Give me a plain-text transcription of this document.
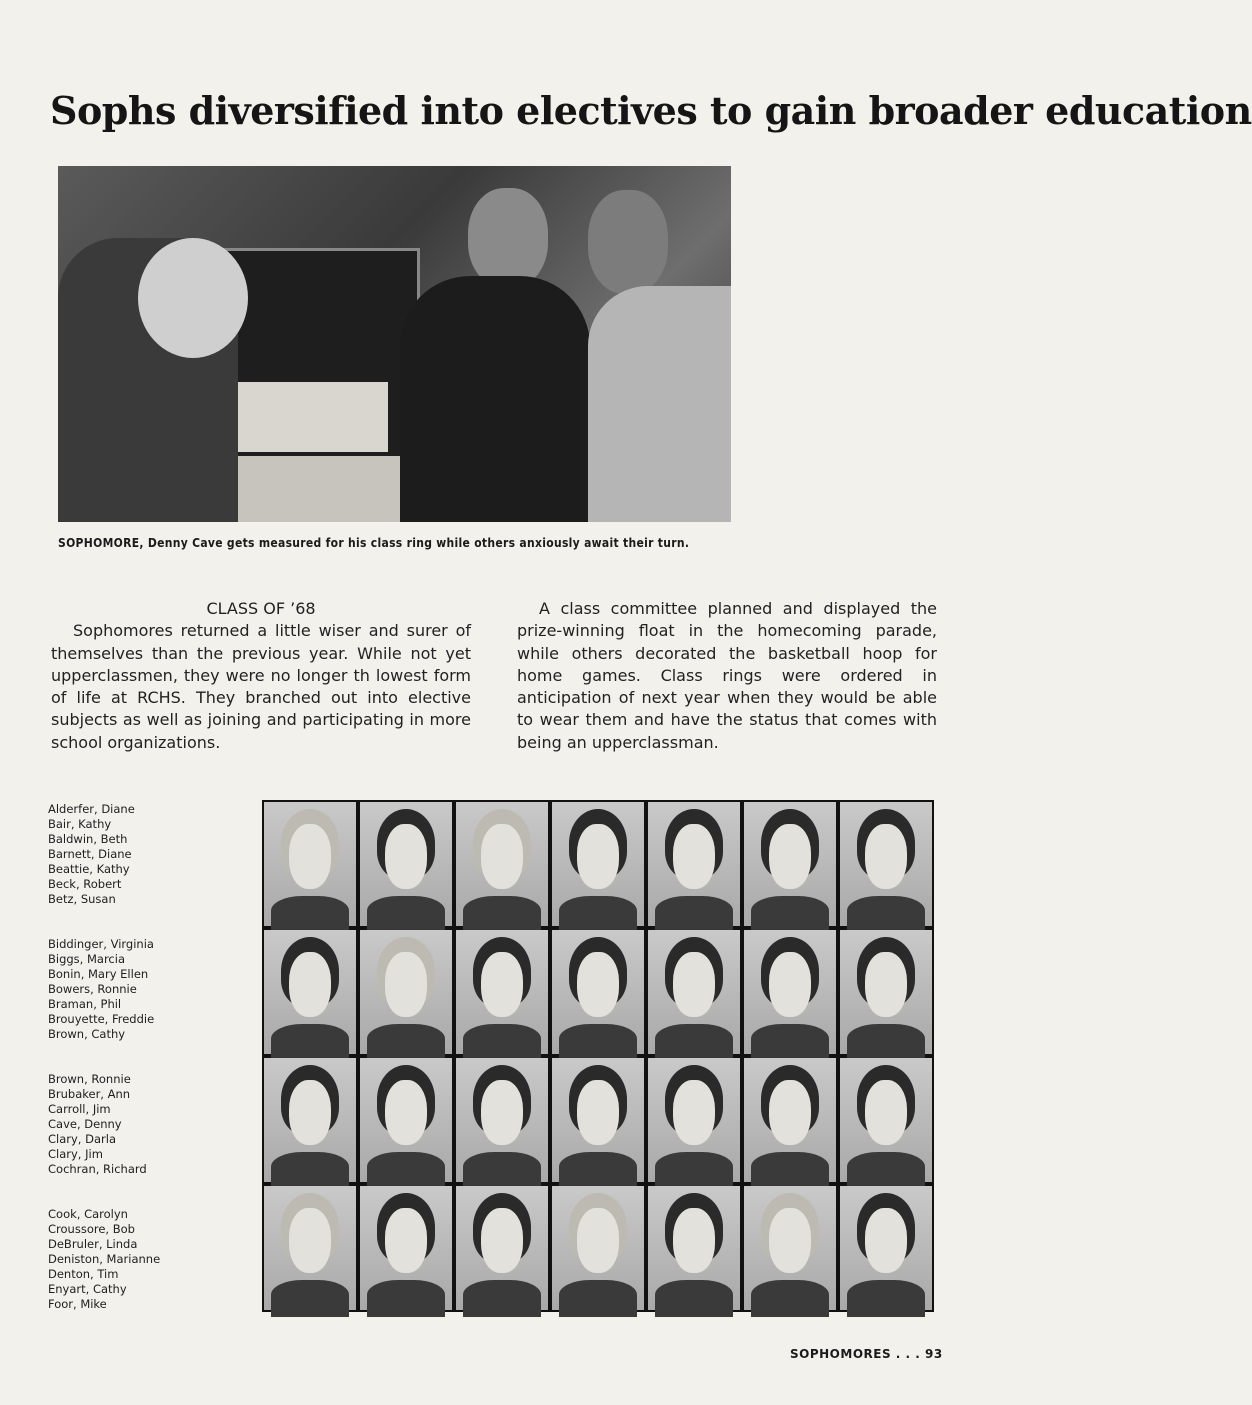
Sophs diversified into electives to gain broader education
SOPHOMORE, Denny Cave gets measured for his class ring while others anxiously await their turn.
CLASS OF ’68

Sophomores returned a little wiser and surer of themselves than the previous year. While not yet upperclassmen, they were no longer th lowest form of life at RCHS. They branched out into elective subjects as well as joining and participating in more school organizations.

A class committee planned and displayed the prize-winning float in the homecoming parade, while others decorated the basketball hoop for home games. Class rings were ordered in anticipation of next year when they would be able to wear them and have the status that comes with being an upperclassman.

Alderfer, Diane
Bair, Kathy
Baldwin, Beth
Barnett, Diane
Beattie, Kathy
Beck, Robert
Betz, Susan
Biddinger, Virginia
Biggs, Marcia
Bonin, Mary Ellen
Bowers, Ronnie
Braman, Phil
Brouyette, Freddie
Brown, Cathy
Brown, Ronnie
Brubaker, Ann
Carroll, Jim
Cave, Denny
Clary, Darla
Clary, Jim
Cochran, Richard
Cook, Carolyn
Croussore, Bob
DeBruler, Linda
Deniston, Marianne
Denton, Tim
Enyart, Cathy
Foor, Mike
SOPHOMORES . . . 93
